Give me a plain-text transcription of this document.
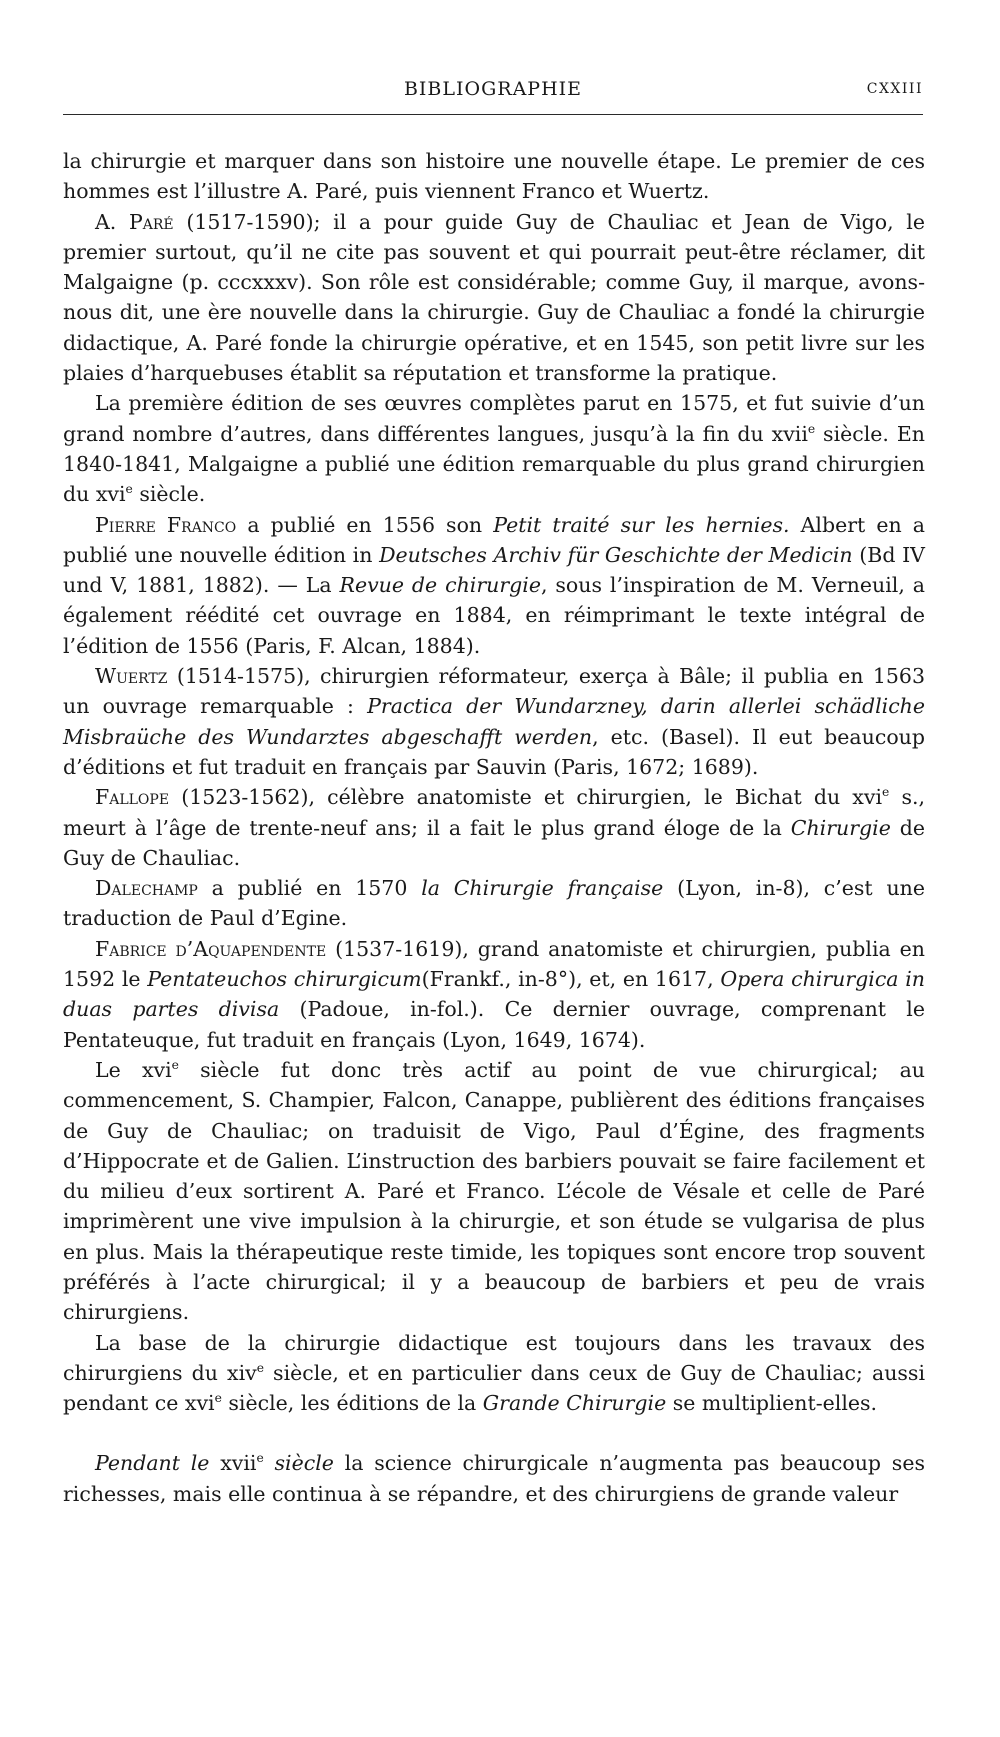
BIBLIOGRAPHIE	CXXIII

la chirurgie et marquer dans son histoire une nouvelle étape. Le premier de ces hommes est l’illustre A. Paré, puis viennent Franco et Wuertz.

A. Paré (1517-1590); il a pour guide Guy de Chauliac et Jean de Vigo, le premier surtout, qu’il ne cite pas souvent et qui pourrait peut-être réclamer, dit Malgaigne (p. cccxxxv). Son rôle est considérable; comme Guy, il marque, avons-nous dit, une ère nouvelle dans la chirurgie. Guy de Chauliac a fondé la chirurgie didactique, A. Paré fonde la chirurgie opérative, et en 1545, son petit livre sur les plaies d’harquebuses établit sa réputation et transforme la pratique.

La première édition de ses œuvres complètes parut en 1575, et fut suivie d’un grand nombre d’autres, dans différentes langues, jusqu’à la fin du xvii$^e$ siècle. En 1840-1841, Malgaigne a publié une édition remarquable du plus grand chirurgien du xvi$^e$ siècle.

Pierre Franco a publié en 1556 son Petit traité sur les hernies. Albert en a publié une nouvelle édition in Deutsches Archiv für Geschichte der Medicin (Bd IV und V, 1881, 1882). — La Revue de chirurgie, sous l’inspiration de M. Verneuil, a également réédité cet ouvrage en 1884, en réimprimant le texte intégral de l’édition de 1556 (Paris, F. Alcan, 1884).

Wuertz (1514-1575), chirurgien réformateur, exerça à Bâle; il publia en 1563 un ouvrage remarquable : Practica der Wundarzney, darin allerlei schädliche Misbraüche des Wundarztes abgeschafft werden, etc. (Basel). Il eut beaucoup d’éditions et fut traduit en français par Sauvin (Paris, 1672; 1689).

Fallope (1523-1562), célèbre anatomiste et chirurgien, le Bichat du xvi$^e$ s., meurt à l’âge de trente-neuf ans; il a fait le plus grand éloge de la Chirurgie de Guy de Chauliac.

Dalechamp a publié en 1570 la Chirurgie française (Lyon, in-8), c’est une traduction de Paul d’Egine.

Fabrice d’Aquapendente (1537-1619), grand anatomiste et chirurgien, publia en 1592 le Pentateuchos chirurgicum(Frankf., in-8°), et, en 1617, Opera chirurgica in duas partes divisa (Padoue, in-fol.). Ce dernier ouvrage, comprenant le Pentateuque, fut traduit en français (Lyon, 1649, 1674).

Le xvi$^e$ siècle fut donc très actif au point de vue chirurgical; au commencement, S. Champier, Falcon, Canappe, publièrent des éditions françaises de Guy de Chauliac; on traduisit de Vigo, Paul d’Égine, des fragments d’Hippocrate et de Galien. L’instruction des barbiers pouvait se faire facilement et du milieu d’eux sortirent A. Paré et Franco. L’école de Vésale et celle de Paré imprimèrent une vive impulsion à la chirurgie, et son étude se vulgarisa de plus en plus. Mais la thérapeutique reste timide, les topiques sont encore trop souvent préférés à l’acte chirurgical; il y a beaucoup de barbiers et peu de vrais chirurgiens.

La base de la chirurgie didactique est toujours dans les travaux des chirurgiens du xiv$^e$ siècle, et en particulier dans ceux de Guy de Chauliac; aussi pendant ce xvi$^e$ siècle, les éditions de la Grande Chirurgie se multiplient-elles.

Pendant le xvii$^e$ siècle la science chirurgicale n’augmenta pas beaucoup ses richesses, mais elle continua à se répandre, et des chirurgiens de grande valeur
